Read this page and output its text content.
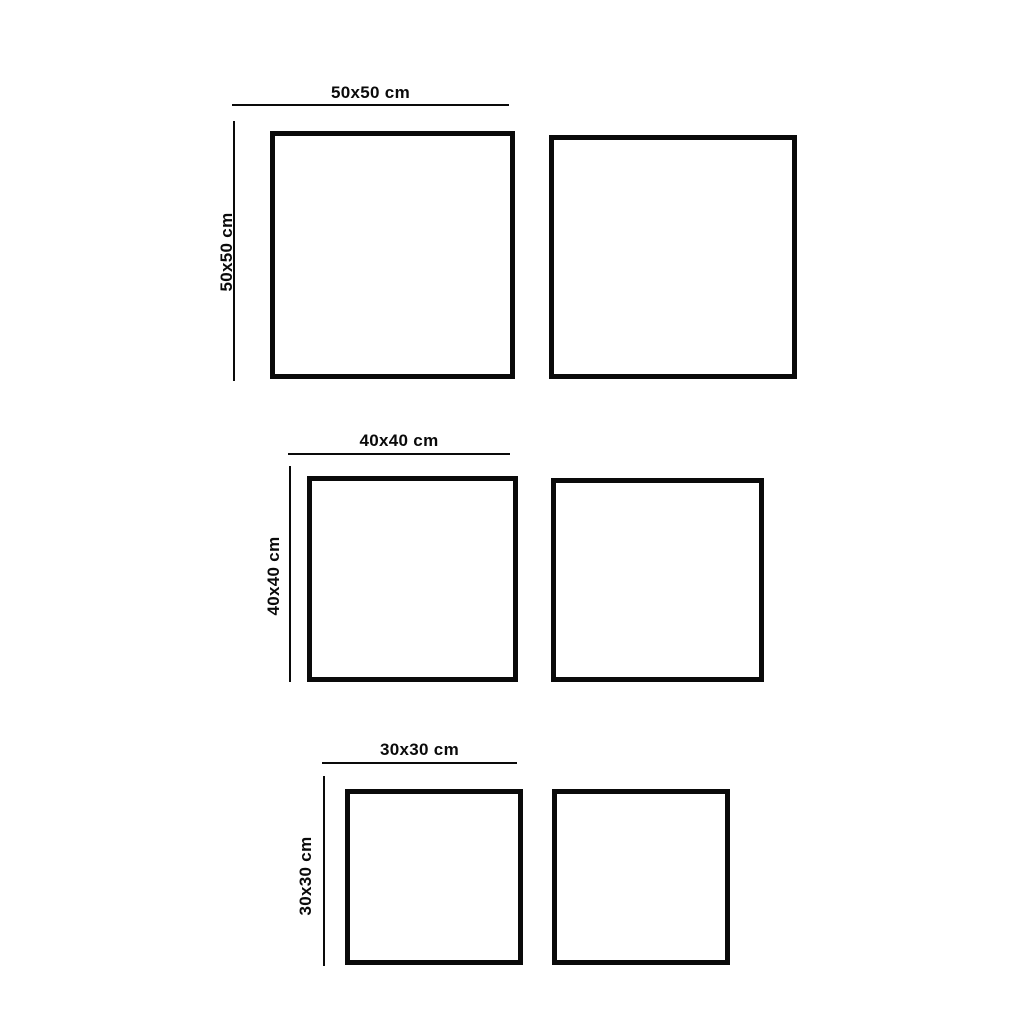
50x50 cm
50x50 cm
40x40 cm
40x40 cm
30x30 cm
30x30 cm
